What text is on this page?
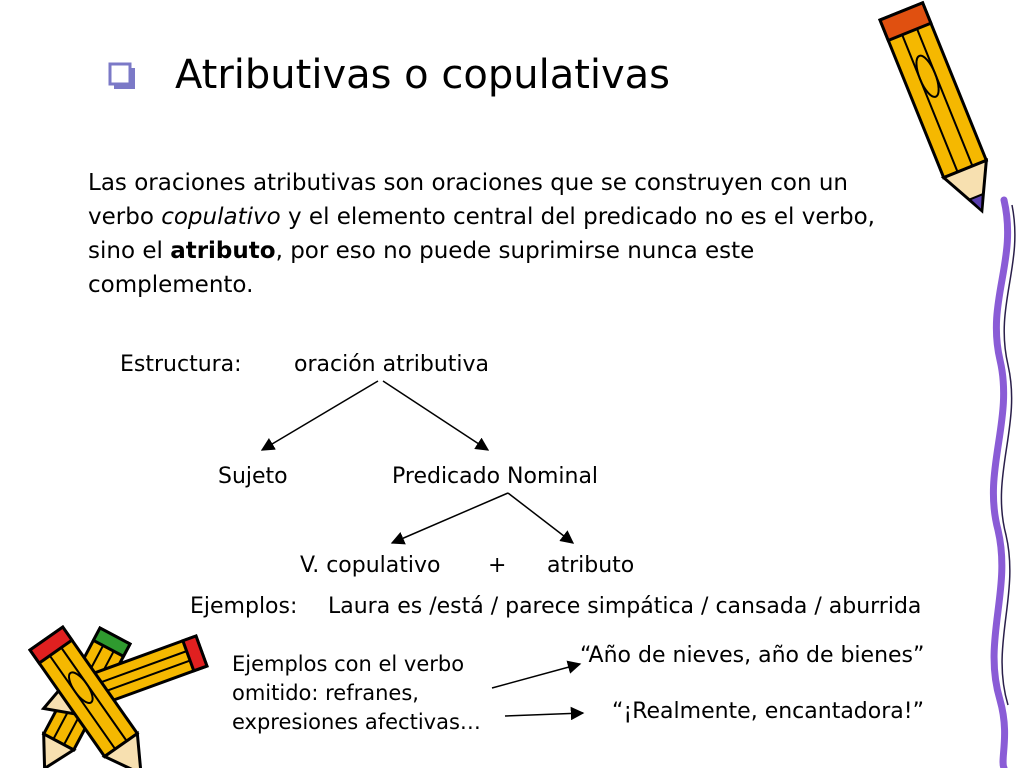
Atributivas o copulativas
Las oraciones atributivas son oraciones que se construyen con un verbo copulativo y el elemento central del predicado no es el verbo, sino el atributo, por eso no puede suprimirse nunca este complemento.
Estructura: oración atributiva
Sujeto	Predicado Nominal
V. copulativo + atributo
Ejemplos: Laura es /está / parece simpática / cansada / aburrida
Ejemplos con el verbo omitido: refranes, expresiones afectivas…
“Año de nieves, año de bienes”
“¡Realmente, encantadora!”
